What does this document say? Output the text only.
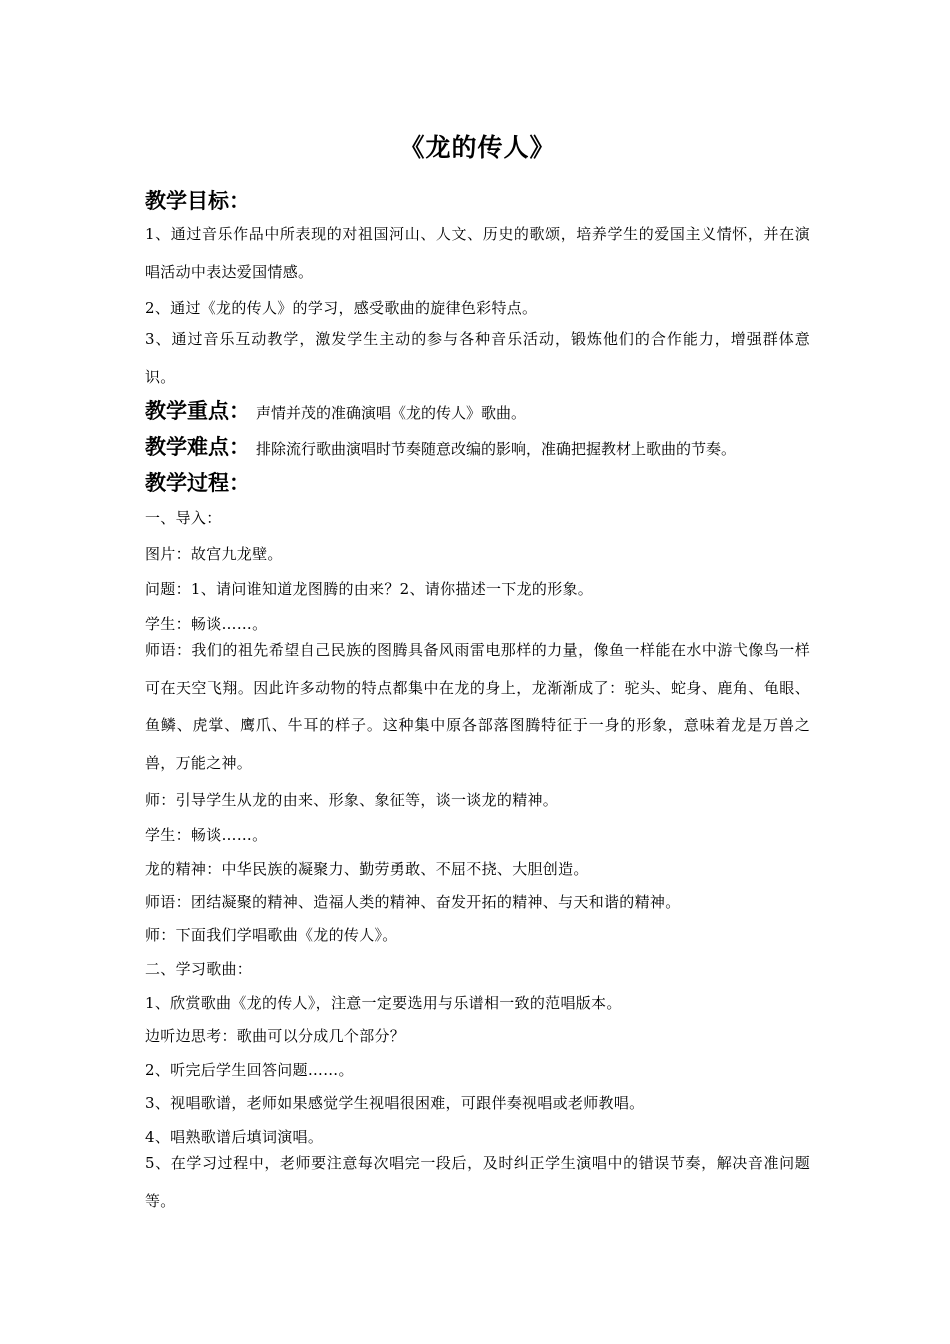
《龙的传人》
教学目标：

1、通过音乐作品中所表现的对祖国河山、人文、历史的歌颂，培养学生的爱国主义情怀，并在演唱活动中表达爱国情感。

2、通过《龙的传人》的学习，感受歌曲的旋律色彩特点。

3、通过音乐互动教学，激发学生主动的参与各种音乐活动，锻炼他们的合作能力，增强群体意识。

教学重点： 声情并茂的准确演唱《龙的传人》歌曲。
教学难点： 排除流行歌曲演唱时节奏随意改编的影响，准确把握教材上歌曲的节奏。
教学过程：

一、导入：

图片：故宫九龙壁。

问题：1、请问谁知道龙图腾的由来？2、请你描述一下龙的形象。

学生：畅谈……。

师语：我们的祖先希望自己民族的图腾具备风雨雷电那样的力量，像鱼一样能在水中游弋像鸟一样可在天空飞翔。因此许多动物的特点都集中在龙的身上，龙渐渐成了：驼头、蛇身、鹿角、龟眼、鱼鳞、虎掌、鹰爪、牛耳的样子。这种集中原各部落图腾特征于一身的形象，意味着龙是万兽之兽，万能之神。

师：引导学生从龙的由来、形象、象征等，谈一谈龙的精神。

学生：畅谈……。

龙的精神：中华民族的凝聚力、勤劳勇敢、不屈不挠、大胆创造。

师语：团结凝聚的精神、造福人类的精神、奋发开拓的精神、与天和谐的精神。

师：下面我们学唱歌曲《龙的传人》。

二、学习歌曲：

1、欣赏歌曲《龙的传人》，注意一定要选用与乐谱相一致的范唱版本。

边听边思考：歌曲可以分成几个部分？

2、听完后学生回答问题……。

3、视唱歌谱，老师如果感觉学生视唱很困难，可跟伴奏视唱或老师教唱。

4、唱熟歌谱后填词演唱。

5、在学习过程中，老师要注意每次唱完一段后，及时纠正学生演唱中的错误节奏，解决音准问题等。
